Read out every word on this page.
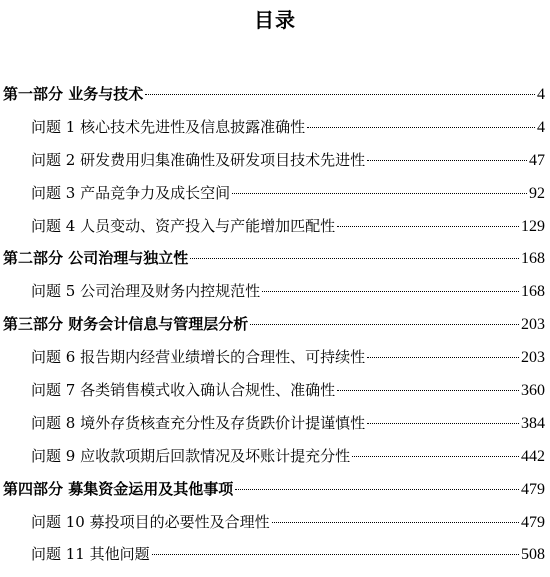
目录
第一部分 业务与技术	4
问题 1 核心技术先进性及信息披露准确性	4
问题 2 研发费用归集准确性及研发项目技术先进性	47
问题 3 产品竞争力及成长空间	92
问题 4 人员变动、资产投入与产能增加匹配性	129
第二部分 公司治理与独立性	168
问题 5 公司治理及财务内控规范性	168
第三部分 财务会计信息与管理层分析	203
问题 6 报告期内经营业绩增长的合理性、可持续性	203
问题 7 各类销售模式收入确认合规性、准确性	360
问题 8 境外存货核查充分性及存货跌价计提谨慎性	384
问题 9 应收款项期后回款情况及坏账计提充分性	442
第四部分 募集资金运用及其他事项	479
问题 10 募投项目的必要性及合理性	479
问题 11 其他问题	508
